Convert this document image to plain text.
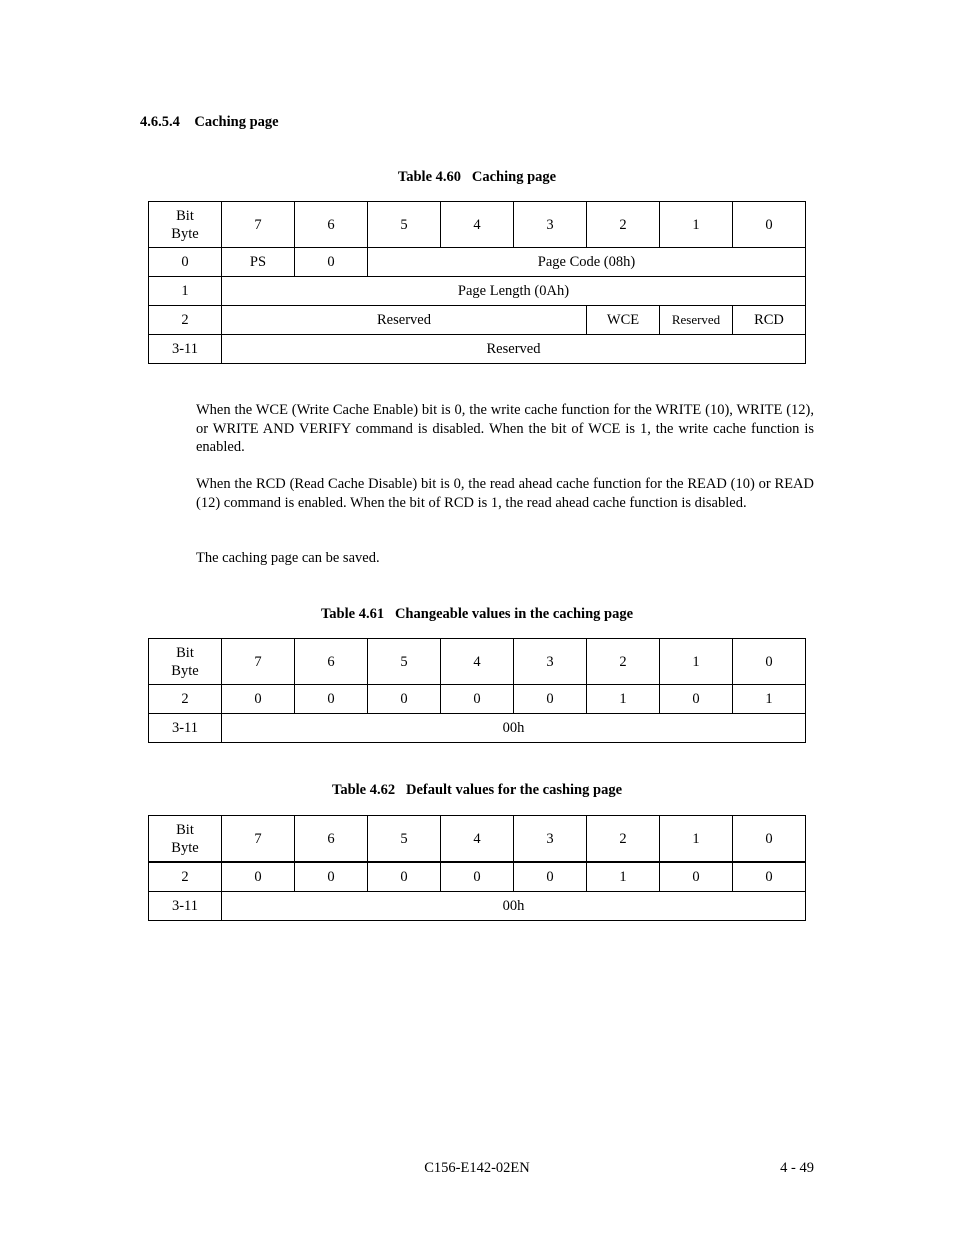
4.6.5.4 Caching page
Table 4.60   Caching page
Bit
Byte	7	6	5	4	3	2	1	0
0	PS	0	Page Code (08h)					
1	Page Length (0Ah)							
2	Reserved					WCE	Reserved	RCD
3-11	Reserved							

When the WCE (Write Cache Enable) bit is 0, the write cache function for the WRITE (10), WRITE (12), or WRITE AND VERIFY command is disabled. When the bit of WCE is 1, the write cache function is enabled.

When the RCD (Read Cache Disable) bit is 0, the read ahead cache function for the READ (10) or READ (12) command is enabled. When the bit of RCD is 1, the read ahead cache function is disabled.

The caching page can be saved.

Table 4.61   Changeable values in the caching page
Bit
Byte	7	6	5	4	3	2	1	0
2	0	0	0	0	0	1	0	1
3-11	00h							
Table 4.62   Default values for the cashing page
Bit
Byte	7	6	5	4	3	2	1	0
2	0	0	0	0	0	1	0	0
3-11	00h							
C156-E142-02EN	4 - 49
